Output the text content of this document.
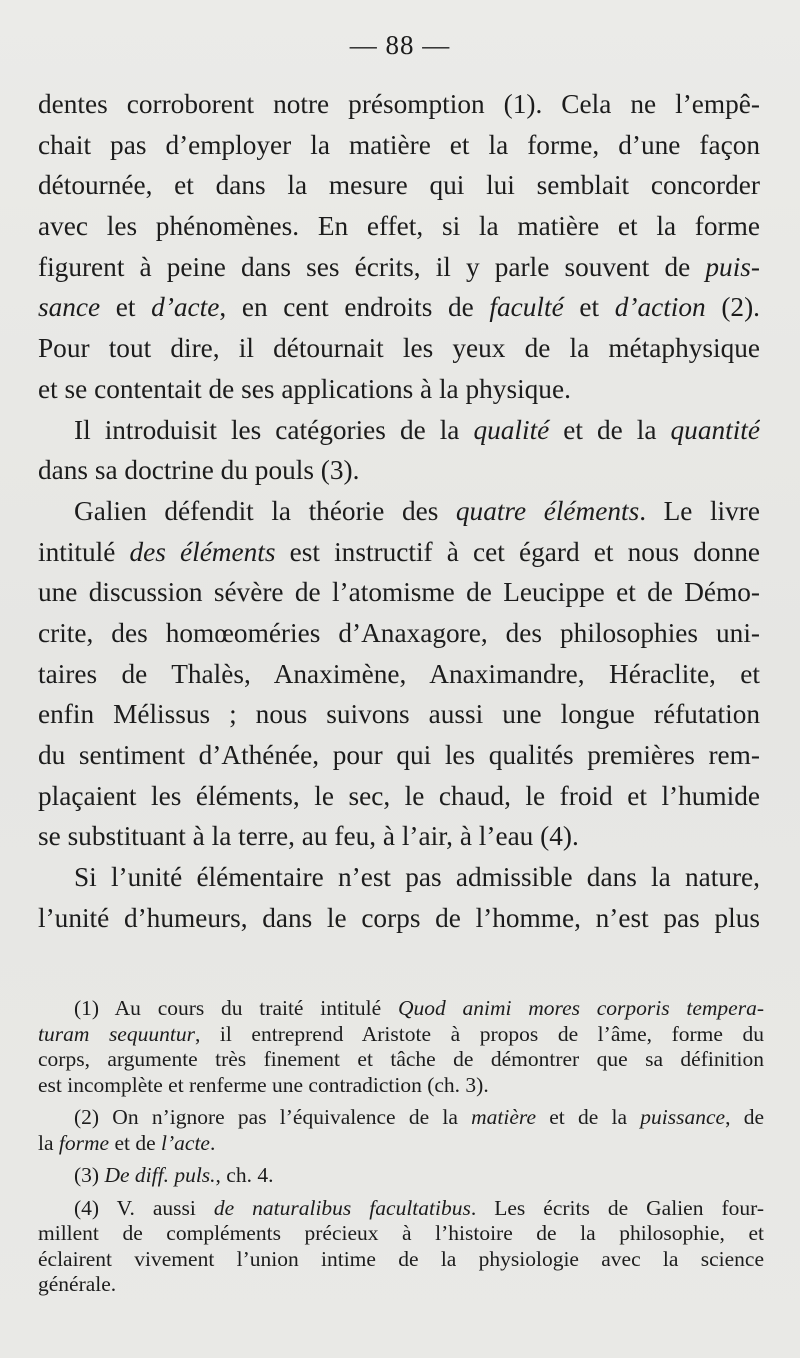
— 88 —
dentes corroborent notre présomption (1). Cela ne l’empê-
chait pas d’employer la matière et la forme, d’une façon
détournée, et dans la mesure qui lui semblait concorder
avec les phénomènes. En effet, si la matière et la forme
figurent à peine dans ses écrits, il y parle souvent de puis-
sance et d’acte, en cent endroits de faculté et d’action (2).
Pour tout dire, il détournait les yeux de la métaphysique
et se contentait de ses applications à la physique.
Il introduisit les catégories de la qualité et de la quantité
dans sa doctrine du pouls (3).
Galien défendit la théorie des quatre éléments. Le livre
intitulé des éléments est instructif à cet égard et nous donne
une discussion sévère de l’atomisme de Leucippe et de Démo-
crite, des homœoméries d’Anaxagore, des philosophies uni-
taires de Thalès, Anaximène, Anaximandre, Héraclite, et
enfin Mélissus ; nous suivons aussi une longue réfutation
du sentiment d’Athénée, pour qui les qualités premières rem-
plaçaient les éléments, le sec, le chaud, le froid et l’humide
se substituant à la terre, au feu, à l’air, à l’eau (4).
Si l’unité élémentaire n’est pas admissible dans la nature,
l’unité d’humeurs, dans le corps de l’homme, n’est pas plus
(1) Au cours du traité intitulé Quod animi mores corporis tempera-
turam sequuntur, il entreprend Aristote à propos de l’âme, forme du
corps, argumente très finement et tâche de démontrer que sa définition
est incomplète et renferme une contradiction (ch. 3).
(2) On n’ignore pas l’équivalence de la matière et de la puissance, de
la forme et de l’acte.
(3) De diff. puls., ch. 4.
(4) V. aussi de naturalibus facultatibus. Les écrits de Galien four-
millent de compléments précieux à l’histoire de la philosophie, et
éclairent vivement l’union intime de la physiologie avec la science
générale.
